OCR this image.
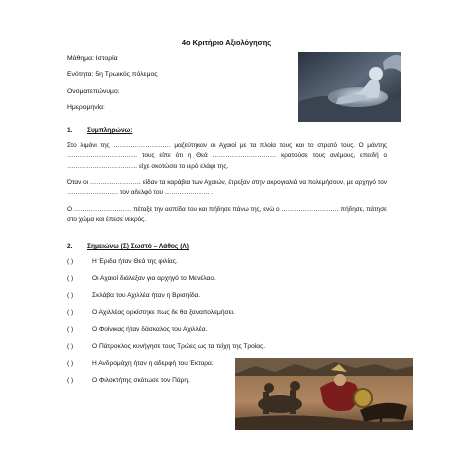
4ο Κριτήριο Αξιολόγησης
Μάθημα: Ιστορία
Ενότητα: 5η Τρωικός πόλεμος
Ονοματεπώνυμο:
Ημερομηνία:
1. Συμπληρώνω:
Στο λιμάνι της ……………………… μαζεύτηκαν οι Αχαιοί με τα πλοία τους και το στρατό τους. Ο μάντης …………………………… τους είπε ότι η Θεά ………………………… κρατούσε τους ανέμους, επειδή ο …………………………… είχε σκοτώσει το ιερό ελάφι της.
Όταν οι …………………… είδαν τα καράβια των Αχαιών, έτρεξαν στην ακρογιαλιά να πολεμήσουν, με αρχηγό τον …………………… τον αδελφό του ………………… .
Ο ……………………… πέταξε την ασπίδα του και πήδησε πάνω της, ενώ ο ……………………… πήδησε, πάτησε στο χώμα και έπεσε νεκρός.
2. Σημειώνω (Σ) Σωστό – Λάθος (Λ)
( )	Η Έριδα ήταν Θεά της φιλίας.
( )	Οι Αχαιοί διάλεξαν για αρχηγό το Μενέλαο.
( )	Σκλάβα του Αχιλλέα ήταν η Βρισηίδα.
( )	Ο Αχιλλέας ορκίστηκε πως δε θα ξαναπολεμήσει.
( )	Ο Φοίνικας ήταν δάσκαλος του Αχιλλέα.
( )	Ο Πάτροκλος κυνήγησε τους Τρώες ως τα τείχη της Τροίας.
( )	Η Ανδρομάχη ήταν η αδερφή του Έκτορα.
( )	Ο Φιλοκτήτης σκότωσε τον Πάρη.
